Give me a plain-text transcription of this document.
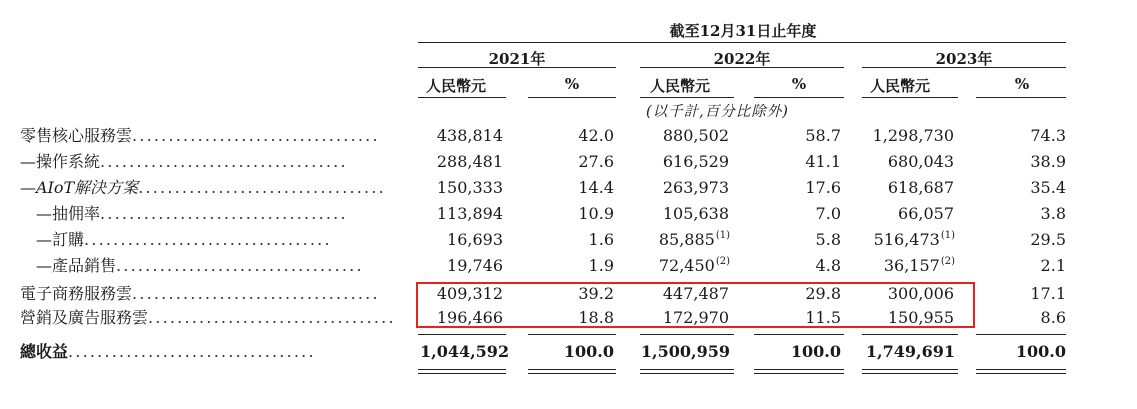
截至12月31日止年度
2021年	2022年	2023年
人民幣元	%	人民幣元	%	人民幣元	%
(以千計,百分比除外)
零售核心服務雲..................................	438,814	42.0	880,502	58.7	1,298,730	74.3
—操作系統..................................	288,481	27.6	616,529	41.1	680,043	38.9
—AIoT解決方案..................................	150,333	14.4	263,973	17.6	618,687	35.4
—抽佣率..................................	113,894	10.9	105,638	7.0	66,057	3.8
—訂購..................................	16,693	1.6	85,885$^{(1)}$	5.8	516,473$^{(1)}$	29.5
—產品銷售..................................	19,746	1.9	72,450$^{(2)}$	4.8	36,157$^{(2)}$	2.1
電子商務服務雲..................................	409,312	39.2	447,487	29.8	300,006	17.1
營銷及廣告服務雲..................................	196,466	18.8	172,970	11.5	150,955	8.6
總收益..................................	1,044,592	100.0 1,500,959	100.0	1,749,691	100.0
